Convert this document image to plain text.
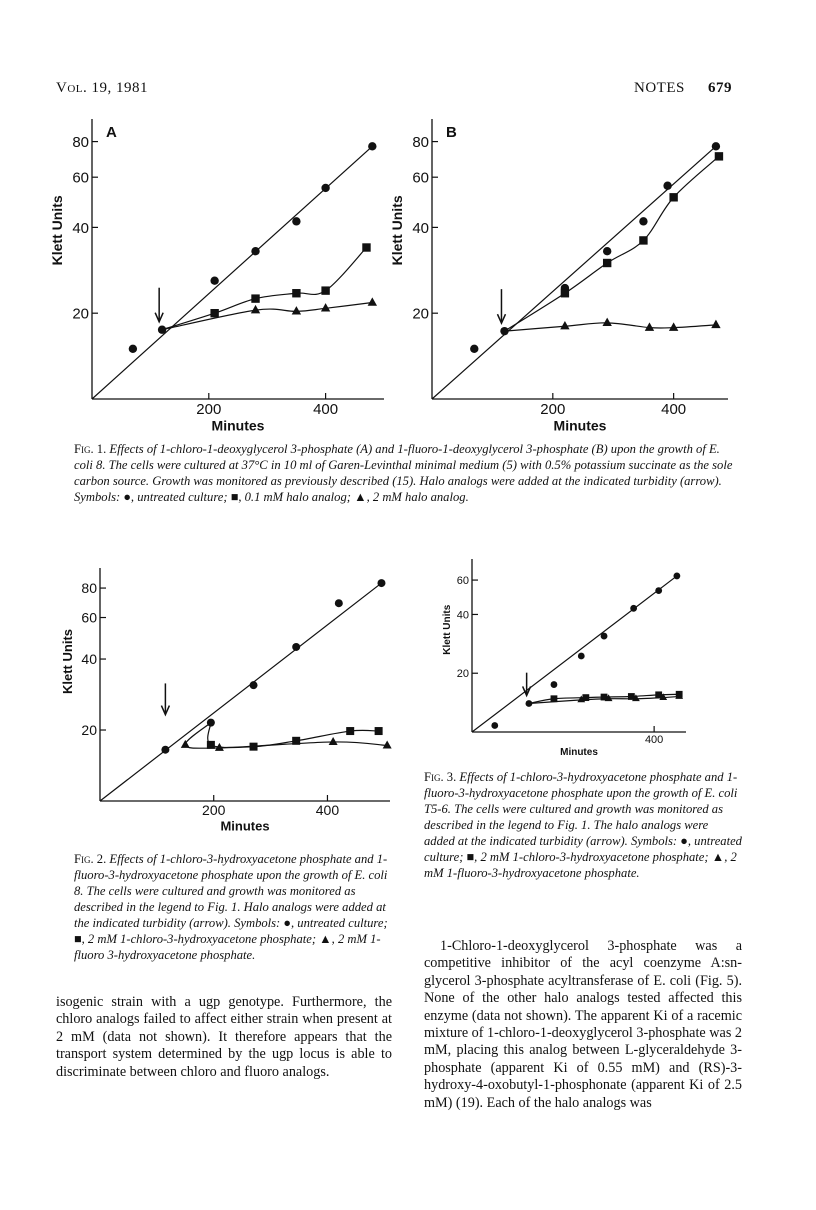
Vol. 19, 1981	NOTES 679
200	400
20
40
60
80
Minutes
Klett Units
A
200	400
20
40
60
80
Minutes
Klett Units
B
Fig. 1. Effects of 1-chloro-1-deoxyglycerol 3-phosphate (A) and 1-fluoro-1-deoxyglycerol 3-phosphate (B) upon the growth of E. coli 8. The cells were cultured at 37°C in 10 ml of Garen-Levinthal minimal medium (5) with 0.5% potassium succinate as the sole carbon source. Growth was monitored as previously described (15). Halo analogs were added at the indicated turbidity (arrow). Symbols: ●, untreated culture; ■, 0.1 mM halo analog; ▲, 2 mM halo analog.
200	400
20
40
60
80
Minutes
Klett Units
Fig. 2. Effects of 1-chloro-3-hydroxyacetone phosphate and 1-fluoro-3-hydroxyacetone phosphate upon the growth of E. coli 8. The cells were cultured and growth was monitored as described in the legend to Fig. 1. Halo analogs were added at the indicated turbidity (arrow). Symbols: ●, untreated culture; ■, 2 mM 1-chloro-3-hydroxyacetone phosphate; ▲, 2 mM 1-fluoro 3-hydroxyacetone phosphate.
400
20
40
60
Minutes
Klett Units
Fig. 3. Effects of 1-chloro-3-hydroxyacetone phosphate and 1-fluoro-3-hydroxyacetone phosphate upon the growth of E. coli T5-6. The cells were cultured and growth was monitored as described in the legend to Fig. 1. The halo analogs were added at the indicated turbidity (arrow). Symbols: ●, untreated culture; ■, 2 mM 1-chloro-3-hydroxyacetone phosphate; ▲, 2 mM 1-fluoro-3-hydroxyacetone phosphate.
isogenic strain with a ugp genotype. Furthermore, the chloro analogs failed to affect either strain when present at 2 mM (data not shown). It therefore appears that the transport system determined by the ugp locus is able to discriminate between chloro and fluoro analogs.
1-Chloro-1-deoxyglycerol 3-phosphate was a competitive inhibitor of the acyl coenzyme A:sn-glycerol 3-phosphate acyltransferase of E. coli (Fig. 5). None of the other halo analogs tested affected this enzyme (data not shown). The apparent Ki of a racemic mixture of 1-chloro-1-deoxyglycerol 3-phosphate was 2 mM, placing this analog between L-glyceraldehyde 3-phosphate (apparent Ki of 0.55 mM) and (RS)-3-hydroxy-4-oxobutyl-1-phosphonate (apparent Ki of 2.5 mM) (19). Each of the halo analogs was
